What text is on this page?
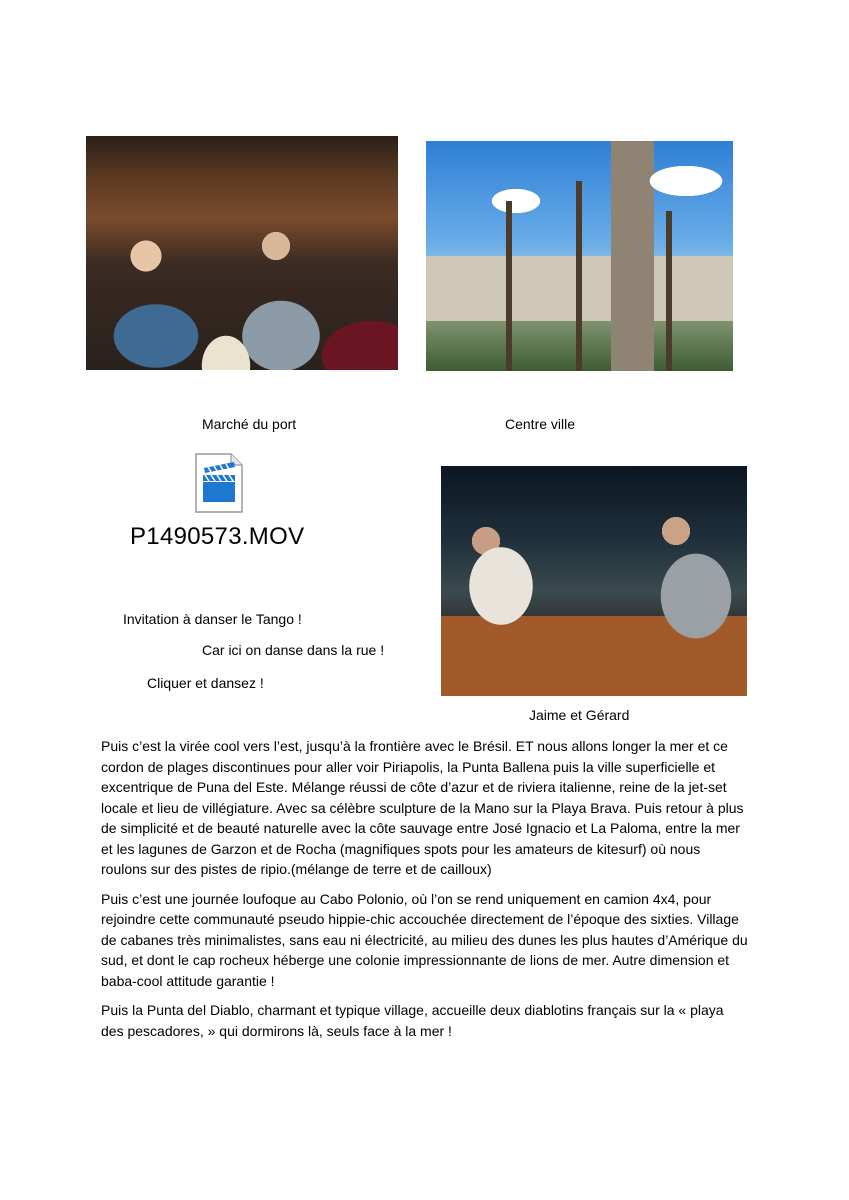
Marché du port	Centre ville
P1490573.MOV
Invitation à danser le Tango !
Car ici on danse dans la rue !
Cliquer et dansez !
Jaime et Gérard

Puis c’est la virée cool vers l’est, jusqu’à la frontière avec le Brésil. ET nous allons longer la mer et ce cordon de plages discontinues pour aller voir Piriapolis, la Punta Ballena puis la ville superficielle et excentrique de Puna del Este. Mélange réussi de côte d’azur et de riviera italienne, reine de la jet-set locale et lieu de villégiature. Avec sa célèbre sculpture de la Mano sur la Playa Brava. Puis retour à plus de simplicité et de beauté naturelle avec la côte sauvage entre José Ignacio et La Paloma, entre la mer et les lagunes de Garzon et de Rocha (magnifiques spots pour les amateurs de kitesurf) où nous roulons sur des pistes de ripio.(mélange de terre et de cailloux)

Puis c’est une journée loufoque au Cabo Polonio, où l’on se rend uniquement en camion 4x4, pour rejoindre cette communauté pseudo hippie-chic accouchée directement de l’époque des sixties. Village de cabanes très minimalistes, sans eau ni électricité, au milieu des dunes les plus hautes d’Amérique du sud, et dont le cap rocheux héberge une colonie impressionnante de lions de mer. Autre dimension et baba-cool attitude garantie !

Puis la Punta del Diablo, charmant et typique village, accueille deux diablotins français sur la « playa des pescadores, » qui dormirons là, seuls face à la mer !
